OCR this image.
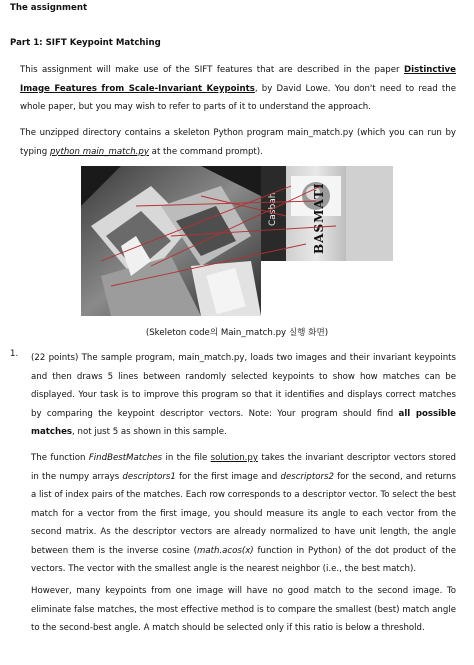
The assignment
Part 1: SIFT Keypoint Matching
This assignment will make use of the SIFT features that are described in the paper Distinctive Image Features from Scale-Invariant Keypoints, by David Lowe. You don't need to read the whole paper, but you may wish to refer to parts of it to understand the approach.
The unzipped directory contains a skeleton Python program main_match.py (which you can run by typing python main_match.py at the command prompt).
Casbah	BASMATI
(Skeleton code의 Main_match.py 실행 화면)
1. (22 points) The sample program, main_match.py, loads two images and their invariant keypoints and then draws 5 lines between randomly selected keypoints to show how matches can be displayed. Your task is to improve this program so that it identifies and displays correct matches by comparing the keypoint descriptor vectors. Note: Your program should find all possible matches, not just 5 as shown in this sample.
The function FindBestMatches in the file solution.py takes the invariant descriptor vectors stored in the numpy arrays descriptors1 for the first image and descriptors2 for the second, and returns a list of index pairs of the matches. Each row corresponds to a descriptor vector. To select the best match for a vector from the first image, you should measure its angle to each vector from the second matrix. As the descriptor vectors are already normalized to have unit length, the angle between them is the inverse cosine (math.acos(x) function in Python) of the dot product of the vectors. The vector with the smallest angle is the nearest neighbor (i.e., the best match).
However, many keypoints from one image will have no good match to the second image. To eliminate false matches, the most effective method is to compare the smallest (best) match angle to the second-best angle. A match should be selected only if this ratio is below a threshold.
